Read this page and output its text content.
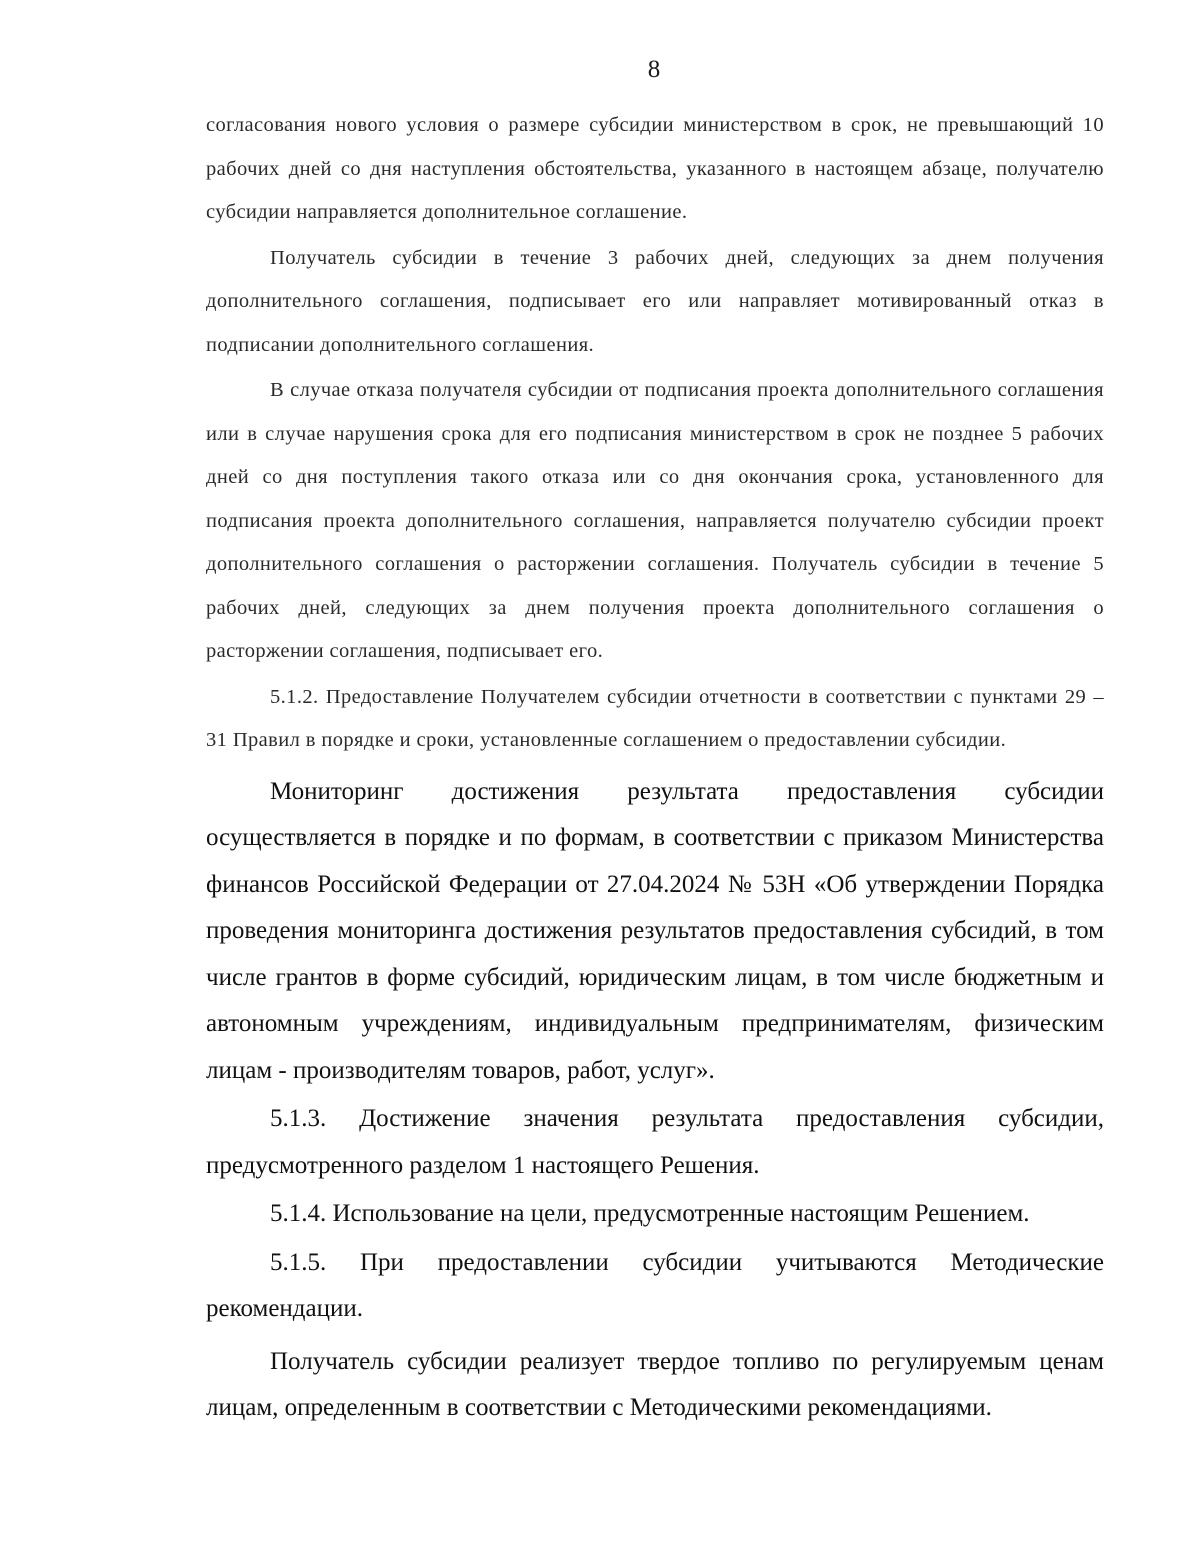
8

согласования нового условия о размере субсидии министерством в срок, не превышающий 10 рабочих дней со дня наступления обстоятельства, указанного в настоящем абзаце, получателю субсидии направляется дополнительное соглашение.

Получатель субсидии в течение 3 рабочих дней, следующих за днем получения дополнительного соглашения, подписывает его или направляет мотивированный отказ в подписании дополнительного соглашения.

В случае отказа получателя субсидии от подписания проекта дополнительного соглашения или в случае нарушения срока для его подписания министерством в срок не позднее 5 рабочих дней со дня поступления такого отказа или со дня окончания срока, установленного для подписания проекта дополнительного соглашения, направляется получателю субсидии проект дополнительного соглашения о расторжении соглашения. Получатель субсидии в течение 5 рабочих дней, следующих за днем получения проекта дополнительного соглашения о расторжении соглашения, подписывает его.

5.1.2. Предоставление Получателем субсидии отчетности в соответствии с пунктами 29 – 31 Правил в порядке и сроки, установленные соглашением о предоставлении субсидии.

Мониторинг достижения результата предоставления субсидии осуществляется в порядке и по формам, в соответствии с приказом Министерства финансов Российской Федерации от 27.04.2024 № 53Н «Об утверждении Порядка проведения мониторинга достижения результатов предоставления субсидий, в том числе грантов в форме субсидий, юридическим лицам, в том числе бюджетным и автономным учреждениям, индивидуальным предпринимателям, физическим лицам - производителям товаров, работ, услуг».

5.1.3. Достижение значения результата предоставления субсидии, предусмотренного разделом 1 настоящего Решения.

5.1.4. Использование на цели, предусмотренные настоящим Решением.

5.1.5. При предоставлении субсидии учитываются Методические рекомендации.

Получатель субсидии реализует твердое топливо по регулируемым ценам лицам, определенным в соответствии с Методическими рекомендациями.
